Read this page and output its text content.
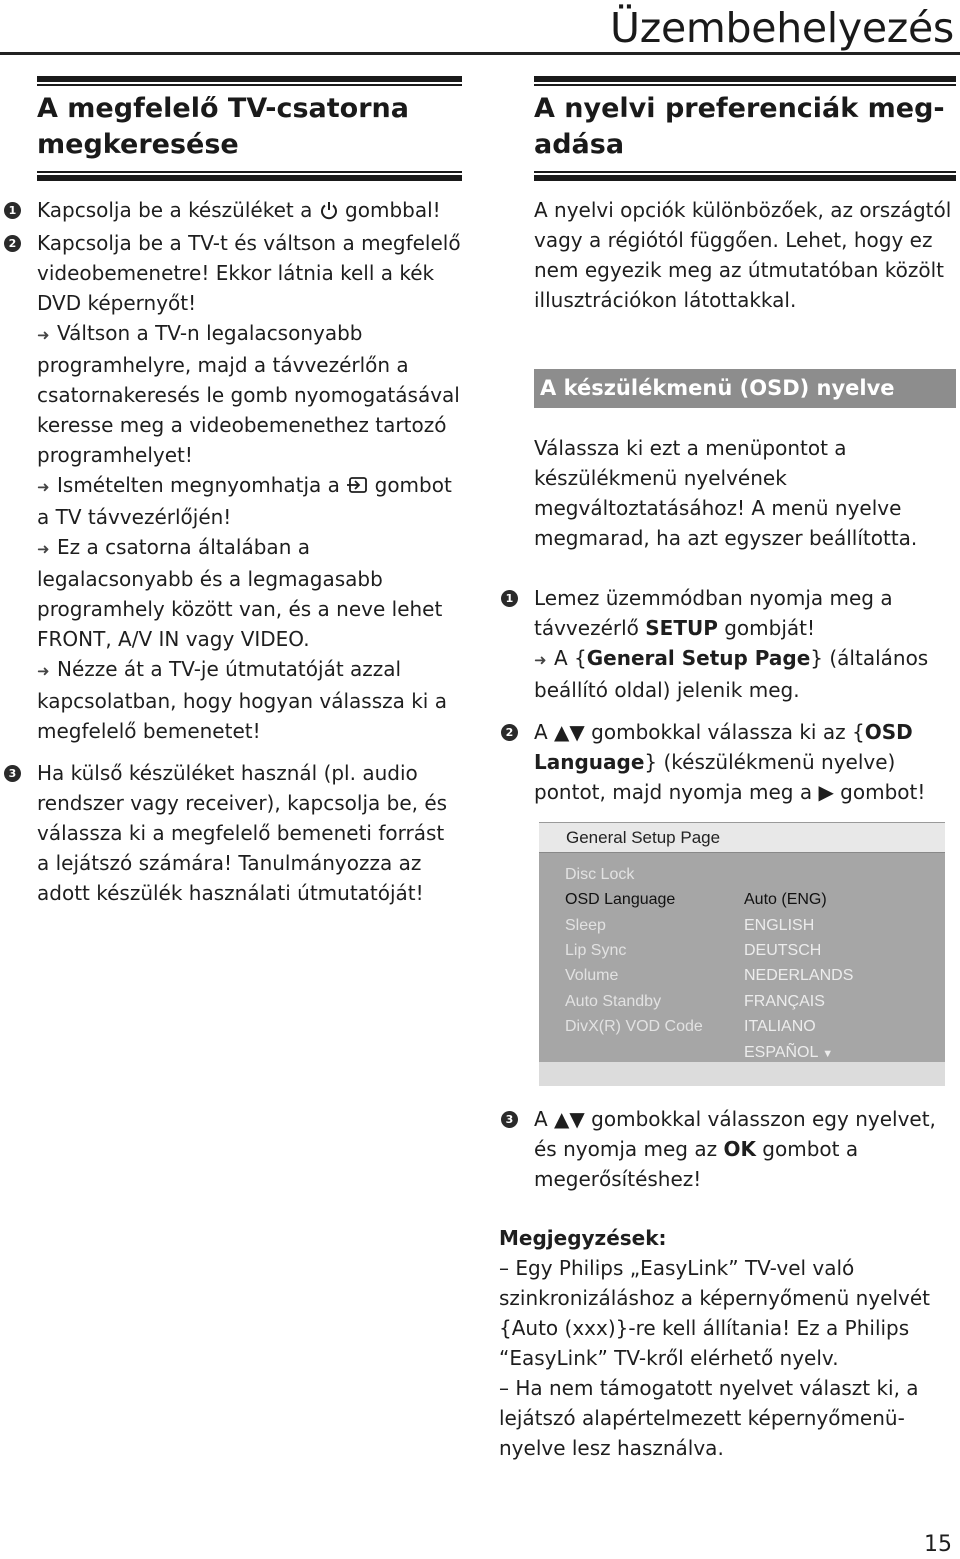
Üzembehelyezés
A megfelelő TV-csatorna
megkeresése
1 Kapcsolja be a készüléket a  gombbal!
2 Kapcsolja be a TV-t és váltson a megfelelő videobemenetre! Ekkor látnia kell a kék DVD képernyőt!
➜ Váltson a TV-n legalacsonyabb programhelyre, majd a távvezérlőn a csatornakeresés le gomb nyomogatásával keresse meg a videobemenethez tartozó programhelyet!
➜ Ismételten megnyomhatja a  gombot a TV távvezérlőjén!
➜ Ez a csatorna általában a legalacsonyabb és a legmagasabb programhely között van, és a neve lehet FRONT, A/V IN vagy VIDEO.
➜ Nézze át a TV-je útmutatóját azzal kapcsolatban, hogy hogyan válassza ki a megfelelő bemenetet!
3 Ha külső készüléket használ (pl. audio rendszer vagy receiver), kapcsolja be, és válassza ki a megfelelő bemeneti forrást a lejátszó számára! Tanulmányozza az adott készülék használati útmutatóját!
A nyelvi preferenciák meg-
adása
A nyelvi opciók különbözőek, az országtól vagy a régiótól függően. Lehet, hogy ez nem egyezik meg az útmutatóban közölt illusztrációkon látottakkal.
A készülékmenü (OSD) nyelve
Válassza ki ezt a menüpontot a készülékmenü nyelvének megváltoztatásához! A menü nyelve megmarad, ha azt egyszer beállította.
1 Lemez üzemmódban nyomja meg a távvezérlő SETUP gombját!
➜ A {General Setup Page} (általános beállító oldal) jelenik meg.
2 A ▲▼ gombokkal válassza ki az {OSD Language} (készülékmenü nyelve) pontot, majd nyomja meg a ▶ gombot!
General Setup Page
Disc Lock
OSD Language
Sleep
Lip Sync
Volume
Auto Standby
DivX(R) VOD Code
Auto (ENG)
ENGLISH
DEUTSCH
NEDERLANDS
FRANÇAIS
ITALIANO
ESPAÑOL ▼
3 A ▲▼ gombokkal válasszon egy nyelvet, és nyomja meg az OK gombot a megerősítéshez!
Megjegyzések:
– Egy Philips „EasyLink” TV-vel való szinkronizáláshoz a képernyőmenü nyelvét {Auto (xxx)}-re kell állítania! Ez a Philips “EasyLink” TV-kről elérhető nyelv.
– Ha nem támogatott nyelvet választ ki, a lejátszó alapértelmezett képernyőmenü-nyelve lesz használva.
15
